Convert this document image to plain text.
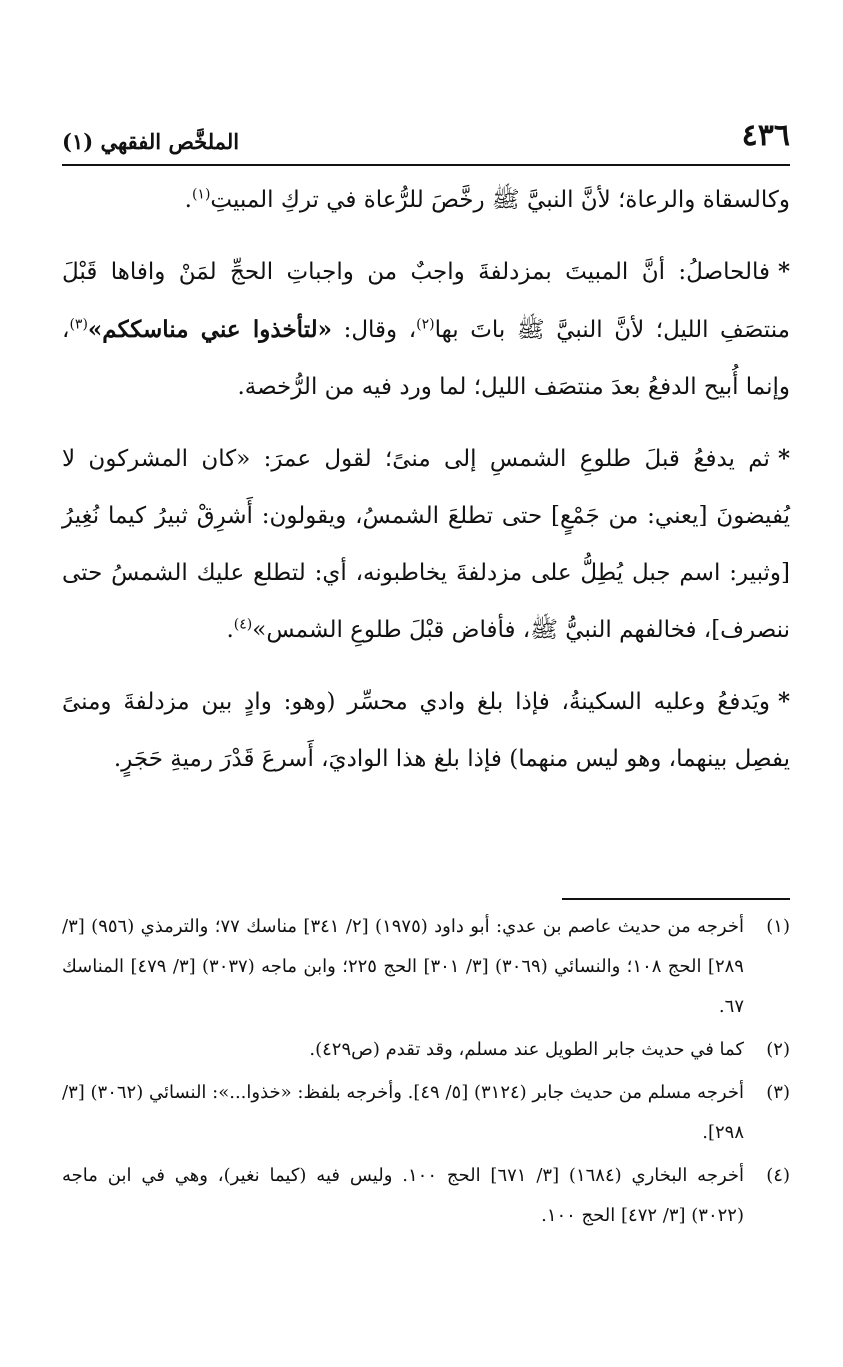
٤٣٦
الملخَّص الفقهي (١)

وكالسقاة والرعاة؛ لأنَّ النبيَّ ﷺ رخَّصَ للرُّعاة في تركِ المبيتِ$^{(١)}$.

*فالحاصلُ: أنَّ المبيتَ بمزدلفةَ واجبٌ من واجباتِ الحجِّ لمَنْ وافاها قَبْلَ منتصَفِ الليل؛ لأنَّ النبيَّ ﷺ باتَ بها$^{(٢)}$، وقال: «لتأخذوا عني مناسككم»$^{(٣)}$، وإنما أُبيح الدفعُ بعدَ منتصَف الليل؛ لما ورد فيه من الرُّخصة.

*ثم يدفعُ قبلَ طلوعِ الشمسِ إلى منىً؛ لقول عمرَ: «كان المشركون لا يُفيضونَ [يعني: من جَمْعٍ] حتى تطلعَ الشمسُ، ويقولون: أَشرِقْ ثبيرُ كيما نُغِيرُ [وثبير: اسم جبل يُطِلُّ على مزدلفةَ يخاطبونه، أي: لتطلع عليك الشمسُ حتى ننصرف]، فخالفهم النبيُّ ﷺ، فأفاض قبْلَ طلوعِ الشمس»$^{(٤)}$.

*ويَدفعُ وعليه السكينةُ، فإذا بلغ وادي محسِّر (وهو: وادٍ بين مزدلفةَ ومنىً يفصِل بينهما، وهو ليس منهما) فإذا بلغ هذا الواديَ، أَسرعَ قَدْرَ رميةِ حَجَرٍ.

(١)
أخرجه من حديث عاصم بن عدي: أبو داود (١٩٧٥) [٢/ ٣٤١] مناسك ٧٧؛ والترمذي (٩٥٦) [٣/ ٢٨٩] الحج ١٠٨؛ والنسائي (٣٠٦٩) [٣/ ٣٠١] الحج ٢٢٥؛ وابن ماجه (٣٠٣٧) [٣/ ٤٧٩] المناسك ٦٧.
(٢)
كما في حديث جابر الطويل عند مسلم، وقد تقدم (ص٤٢٩).
(٣)
أخرجه مسلم من حديث جابر (٣١٢٤) [٥/ ٤٩]. وأخرجه بلفظ: «خذوا...»: النسائي (٣٠٦٢) [٣/ ٢٩٨].
(٤)
أخرجه البخاري (١٦٨٤) [٣/ ٦٧١] الحج ١٠٠. وليس فيه (كيما نغير)، وهي في ابن ماجه (٣٠٢٢) [٣/ ٤٧٢] الحج ١٠٠.
